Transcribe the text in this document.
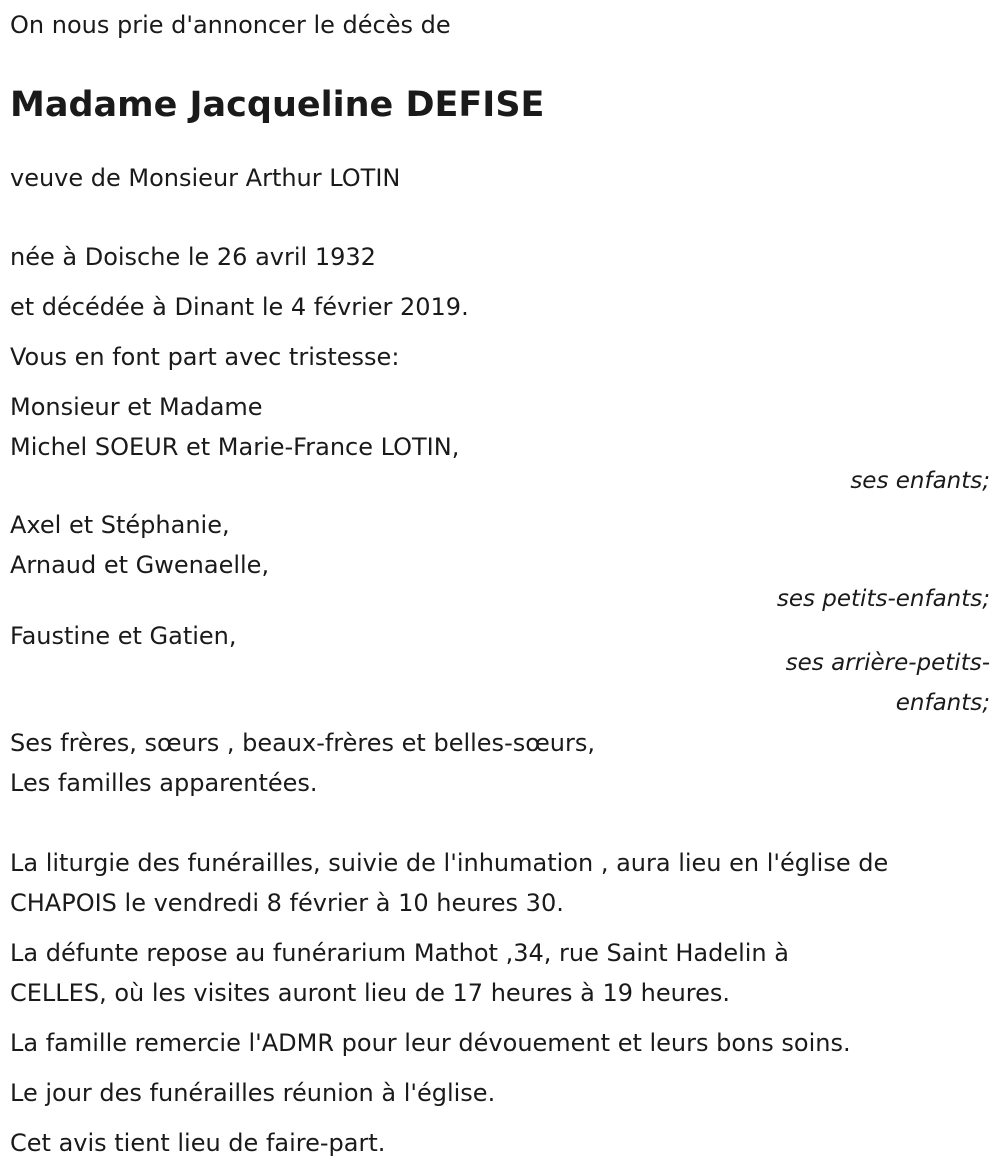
On nous prie d'annoncer le décès de
Madame Jacqueline DEFISE
veuve de Monsieur Arthur LOTIN
née à Doische le 26 avril 1932
et décédée à Dinant le 4 février 2019.
Vous en font part avec tristesse:
Monsieur et Madame
Michel SOEUR et Marie-France LOTIN,
ses enfants;
Axel et Stéphanie,
Arnaud et Gwenaelle,
ses petits-enfants;
Faustine et Gatien,
ses arrière-petits-
enfants;
Ses frères, sœurs , beaux-frères et belles-sœurs,
Les familles apparentées.
La liturgie des funérailles, suivie de l'inhumation , aura lieu en l'église de
CHAPOIS le vendredi 8 février à 10 heures 30.
La défunte repose au funérarium Mathot ,34, rue Saint Hadelin à
CELLES, où les visites auront lieu de 17 heures à 19 heures.
La famille remercie l'ADMR pour leur dévouement et leurs bons soins.
Le jour des funérailles réunion à l'église.
Cet avis tient lieu de faire-part.
